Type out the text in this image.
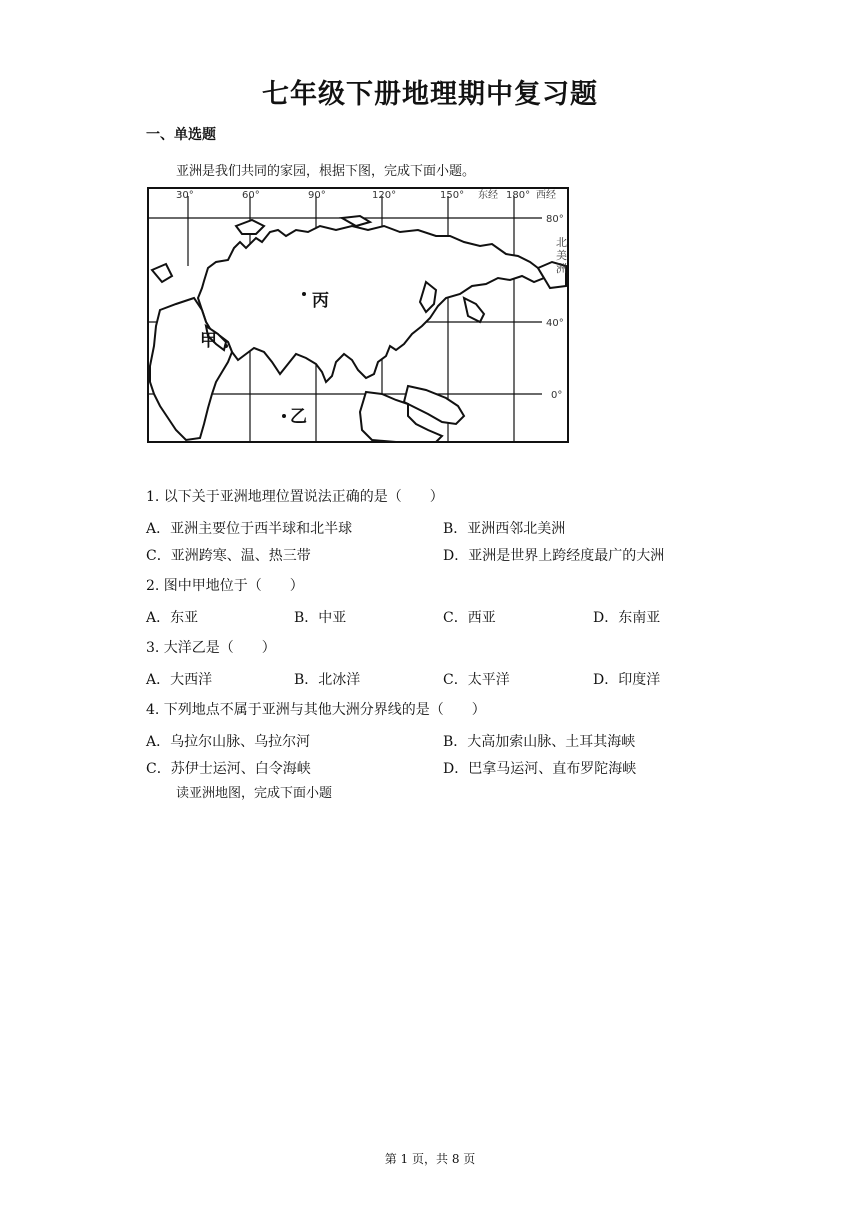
七年级下册地理期中复习题
一、单选题
亚洲是我们共同的家园，根据下图，完成下面小题。
30°	60°	90°	120°	150° 东经 180° 西经
80°
40°
0°
北
美
洲
北美洲
丙
甲
乙
1. 以下关于亚洲地理位置说法正确的是（　　）
A．亚洲主要位于西半球和北半球	B．亚洲西邻北美洲
C．亚洲跨寒、温、热三带	D．亚洲是世界上跨经度最广的大洲
2. 图中甲地位于（　　）
A．东亚	B．中亚	C．西亚	D．东南亚
3. 大洋乙是（　　）
A．大西洋	B．北冰洋	C．太平洋	D．印度洋
4. 下列地点不属于亚洲与其他大洲分界线的是（　　）
A．乌拉尔山脉、乌拉尔河	B．大高加索山脉、土耳其海峡
C．苏伊士运河、白令海峡	D．巴拿马运河、直布罗陀海峡
读亚洲地图，完成下面小题
第 1 页，共 8 页
